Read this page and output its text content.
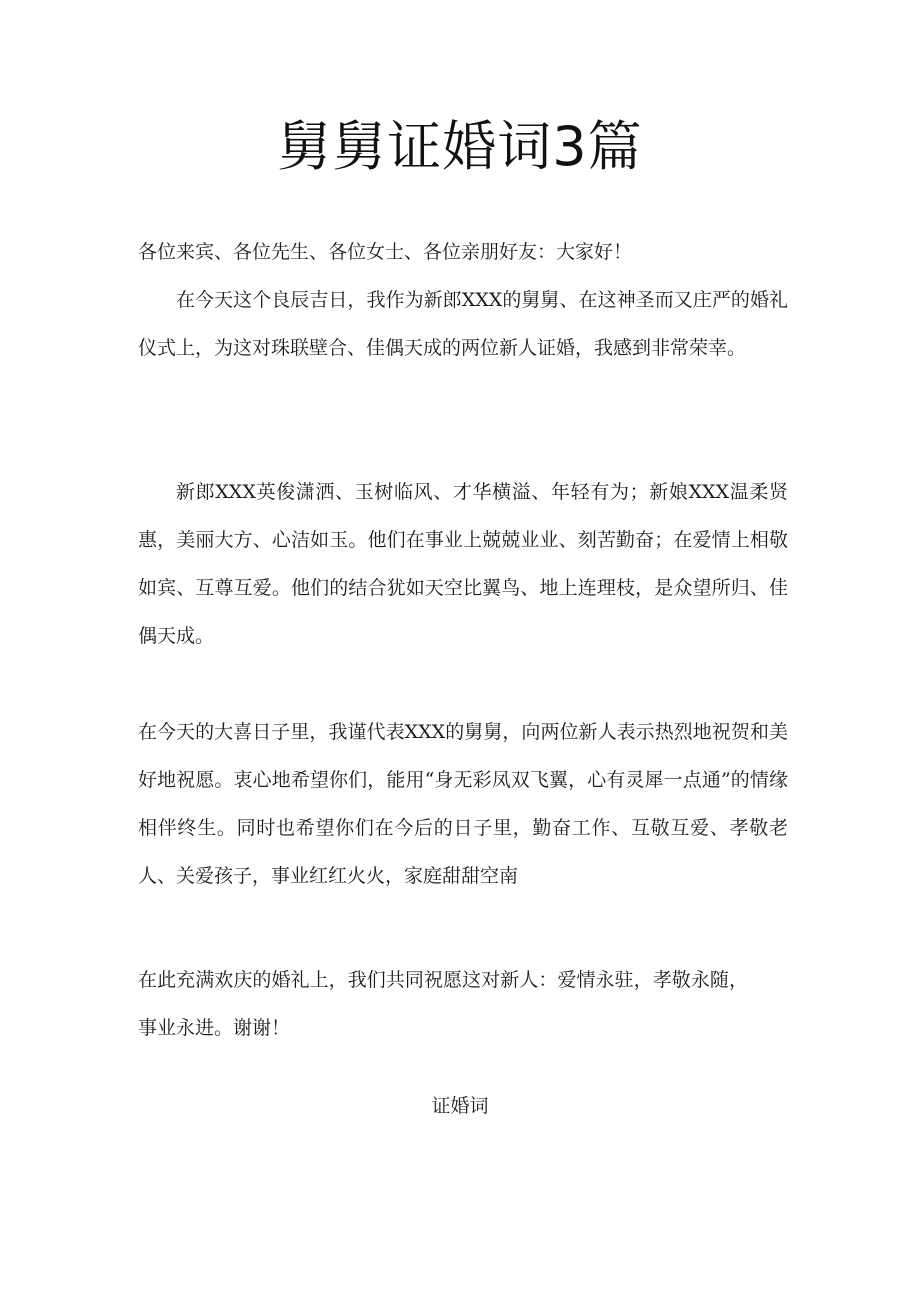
舅舅证婚词3篇

各位来宾、各位先生、各位女士、各位亲朋好友：大家好！

在今天这个良辰吉日，我作为新郎XXX的舅舅、在这神圣而又庄严的婚礼仪式上，为这对珠联壁合、佳偶天成的两位新人证婚，我感到非常荣幸。

新郎XXX英俊潇洒、玉树临风、才华横溢、年轻有为；新娘XXX温柔贤惠，美丽大方、心洁如玉。他们在事业上兢兢业业、刻苦勤奋；在爱情上相敬如宾、互尊互爱。他们的结合犹如天空比翼鸟、地上连理枝，是众望所归、佳偶天成。

在今天的大喜日子里，我谨代表XXX的舅舅，向两位新人表示热烈地祝贺和美好地祝愿。衷心地希望你们，能用“身无彩凤双飞翼，心有灵犀一点通”的情缘相伴终生。同时也希望你们在今后的日子里，勤奋工作、互敬互爱、孝敬老人、关爱孩子，事业红红火火，家庭甜甜空南

在此充满欢庆的婚礼上，我们共同祝愿这对新人：爱情永驻，孝敬永随，事业永进。谢谢！

证婚词
